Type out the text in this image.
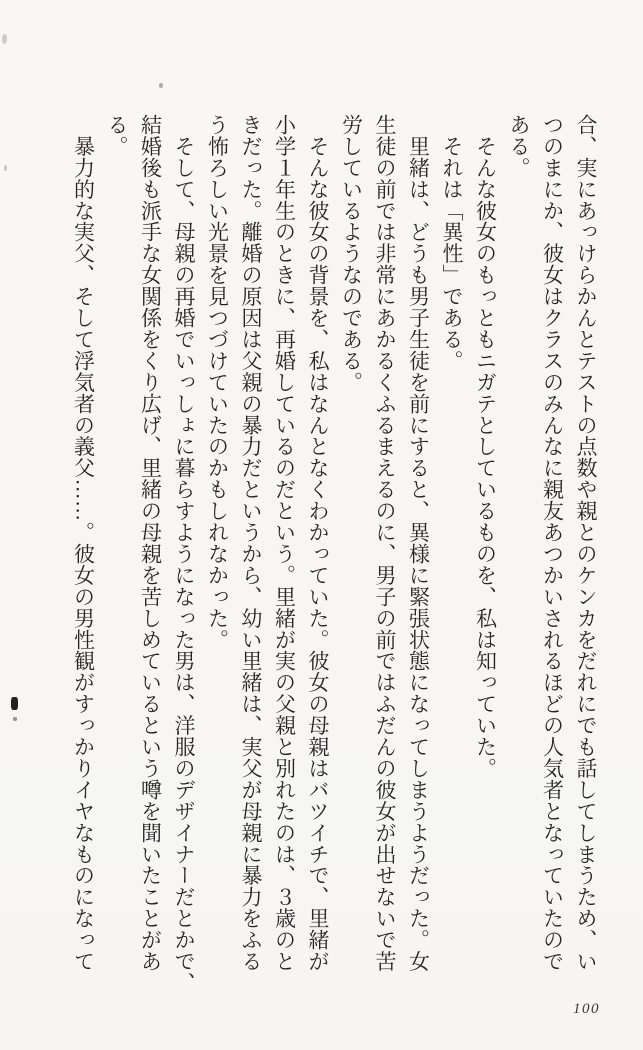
合、実にあっけらかんとテストの点数や親とのケンカをだれにでも話してしまうため、い

つのまにか、彼女はクラスのみんなに親友あつかいされるほどの人気者となっていたので

ある。

　そんな彼女のもっともニガテとしているものを、私は知っていた。

　それは「異性」である。

　里緒は、どうも男子生徒を前にすると、異様に緊張状態になってしまうようだった。女

生徒の前では非常にあかるくふるまえるのに、男子の前ではふだんの彼女が出せないで苦

労しているようなのである。

　そんな彼女の背景を、私はなんとなくわかっていた。彼女の母親はバツイチで、里緒が

小学１年生のときに、再婚しているのだという。里緒が実の父親と別れたのは、３歳のと

きだった。離婚の原因は父親の暴力だというから、幼い里緒は、実父が母親に暴力をふる

う怖ろしい光景を見つづけていたのかもしれなかった。

　そして、母親の再婚でいっしょに暮らすようになった男は、洋服のデザイナーだとかで、

結婚後も派手な女関係をくり広げ、里緒の母親を苦しめているという噂を聞いたことがあ

る。

　暴力的な実父、そして浮気者の義父……。彼女の男性観がすっかりイヤなものになって

100
